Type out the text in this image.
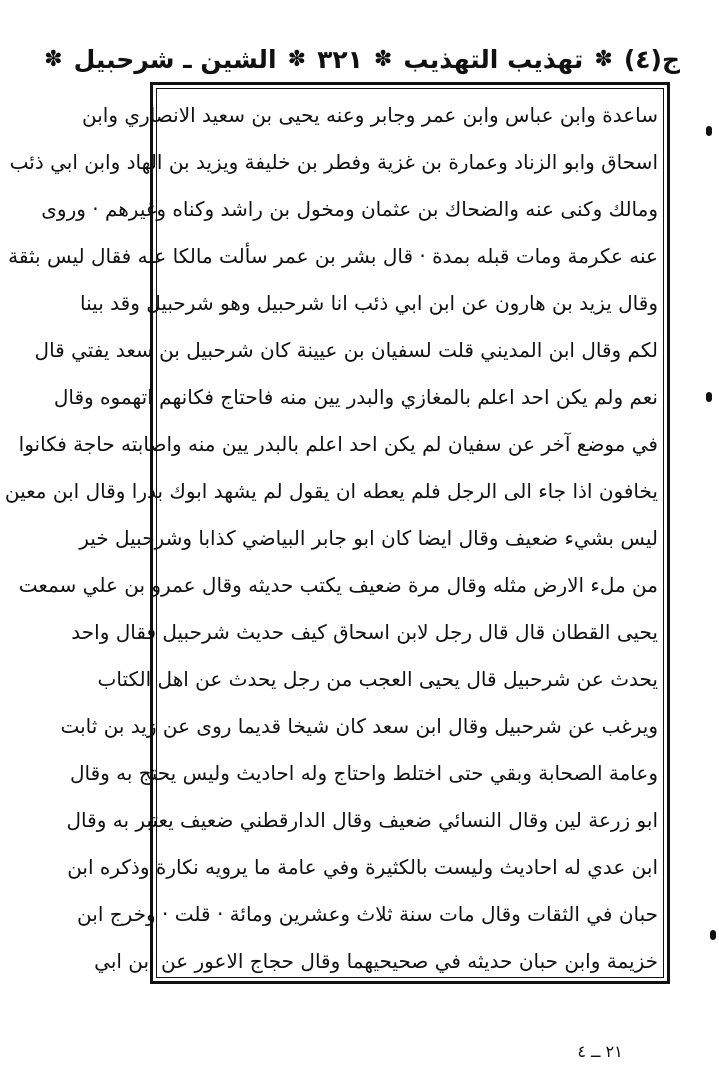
ج(٤)
✽
تهذيب التهذيب
✽
٣٢١
✽
الشين ـ شرحبيل
✽
ساعدة وابن عباس وابن عمر وجابر وعنه يحيى بن سعيد الانصاري وابن
اسحاق وابو الزناد وعمارة بن غزية وفطر بن خليفة ويزيد بن الهاد وابن ابي ذئب
ومالك وكنى عنه والضحاك بن عثمان ومخول بن راشد وكناه وغيرهم · وروى
عنه عكرمة ومات قبله بمدة · قال بشر بن عمر سألت مالكا عنه فقال ليس بثقة
وقال يزيد بن هارون عن ابن ابي ذئب انا شرحبيل وهو شرحبيل وقد بينا
لكم وقال ابن المديني قلت لسفيان بن عيينة كان شرحبيل بن سعد يفتي قال
نعم ولم يكن احد اعلم بالمغازي والبدر يين منه فاحتاج فكانهم اتهموه وقال
في موضع آخر عن سفيان لم يكن احد اعلم بالبدر يين منه واصابته حاجة فكانوا
يخافون اذا جاء الى الرجل فلم يعطه ان يقول لم يشهد ابوك بدرا وقال ابن معين
ليس بشيء ضعيف وقال ايضا كان ابو جابر البياضي كذابا وشرحبيل خير
من ملء الارض مثله وقال مرة ضعيف يكتب حديثه وقال عمرو بن علي سمعت
يحيى القطان قال قال رجل لابن اسحاق كيف حديث شرحبيل فقال واحد
يحدث عن شرحبيل قال يحيى العجب من رجل يحدث عن اهل الكتاب
ويرغب عن شرحبيل وقال ابن سعد كان شيخا قديما روى عن زيد بن ثابت
وعامة الصحابة وبقي حتى اختلط واحتاج وله احاديث وليس يحتج به وقال
ابو زرعة لين وقال النسائي ضعيف وقال الدارقطني ضعيف يعتبر به وقال
ابن عدي له احاديث وليست بالكثيرة وفي عامة ما يرويه نكارة وذكره ابن
حبان في الثقات وقال مات سنة ثلاث وعشرين ومائة · قلت · وخرج ابن
خزيمة وابن حبان حديثه في صحيحيهما وقال حجاج الاعور عن ابن ابي
٢١ ــ ٤
